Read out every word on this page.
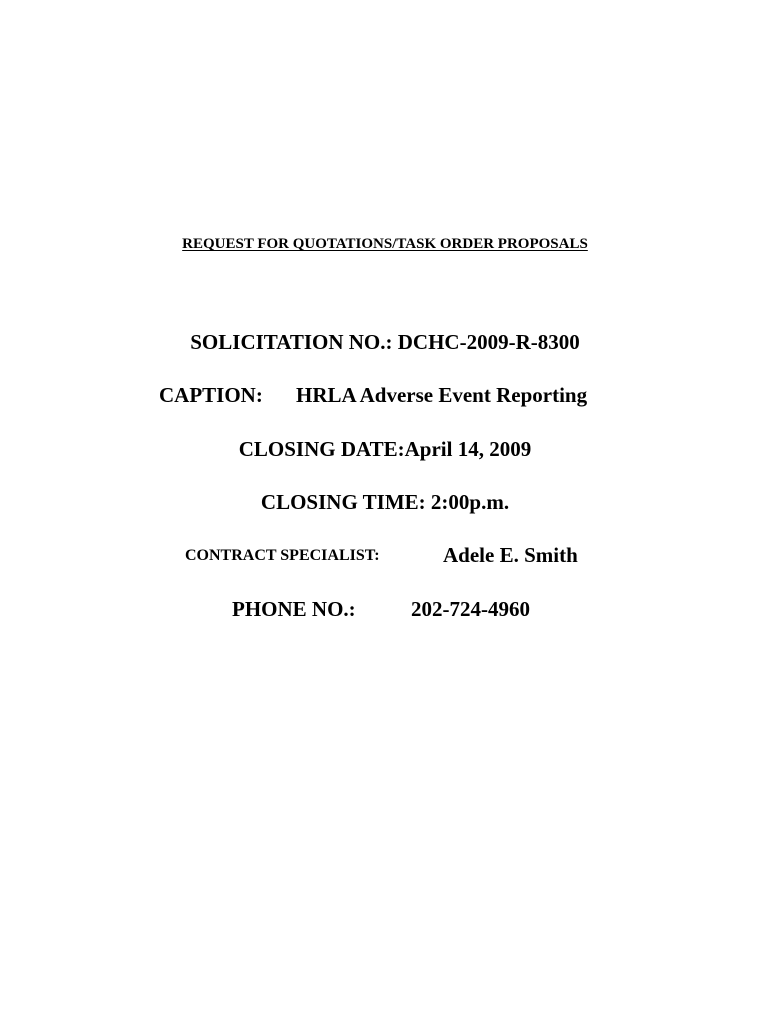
REQUEST FOR QUOTATIONS/TASK ORDER PROPOSALS
SOLICITATION NO.: DCHC-2009-R-8300
CAPTION: HRLA Adverse Event Reporting
CLOSING DATE:April 14, 2009
CLOSING TIME: 2:00p.m.
CONTRACT SPECIALIST:	Adele E. Smith
PHONE NO.:	202-724-4960
